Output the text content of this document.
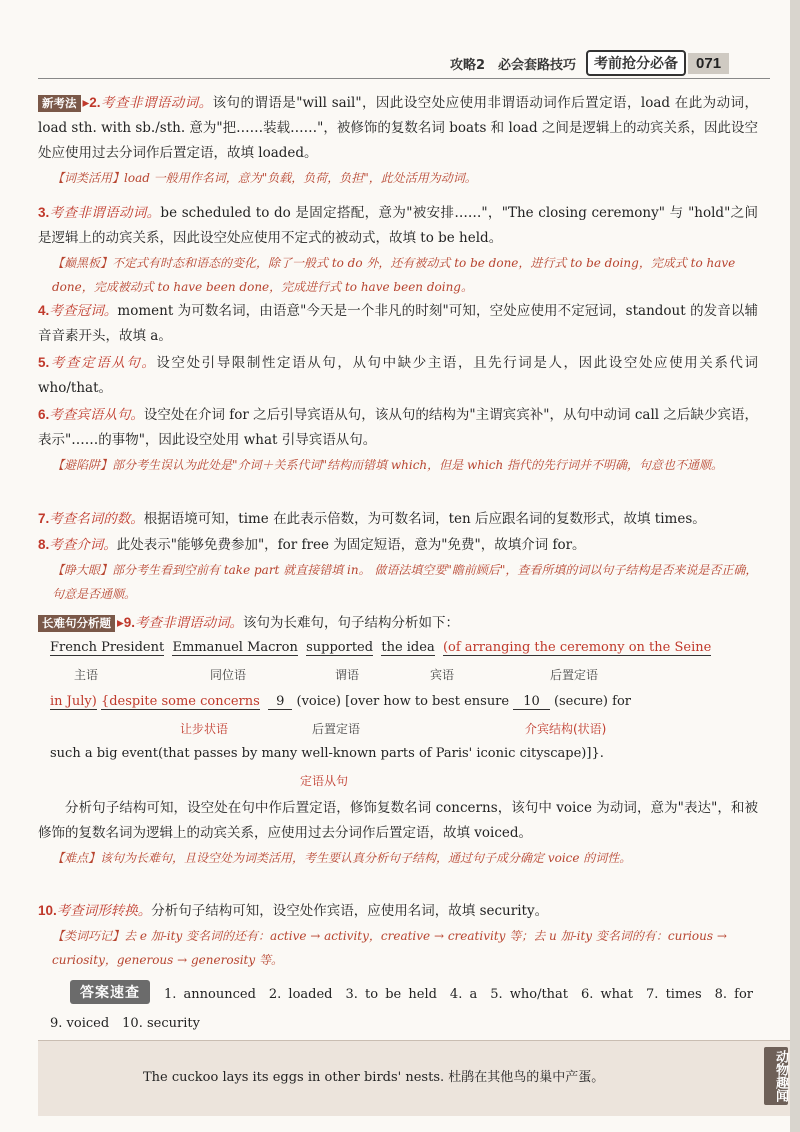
攻略2　必会套路技巧	考前抢分必备	071
新考法 ▸2.考查非谓语动词。该句的谓语是"will sail"，因此设空处应使用非谓语动词作后置定语，load 在此为动词，load sth. with sb./sth. 意为"把……装载……"，被修饰的复数名词 boats 和 load 之间是逻辑上的动宾关系，因此设空处应使用过去分词作后置定语，故填 loaded。
【词类活用】load 一般用作名词，意为"负载，负荷，负担"，此处活用为动词。
3.考查非谓语动词。be scheduled to do 是固定搭配，意为"被安排……"，"The closing ceremony" 与 "hold"之间是逻辑上的动宾关系，因此设空处应使用不定式的被动式，故填 to be held。
【巅黑板】不定式有时态和语态的变化，除了一般式 to do 外，还有被动式 to be done，进行式 to be doing，完成式 to have done，完成被动式 to have been done，完成进行式 to have been doing。
4.考查冠词。moment 为可数名词，由语意"今天是一个非凡的时刻"可知，空处应使用不定冠词，standout 的发音以辅音音素开头，故填 a。
5.考查定语从句。设空处引导限制性定语从句，从句中缺少主语，且先行词是人，因此设空处应使用关系代词 who/that。
6.考查宾语从句。设空处在介词 for 之后引导宾语从句，该从句的结构为"主谓宾宾补"，从句中动词 call 之后缺少宾语，表示"……的事物"，因此设空处用 what 引导宾语从句。
【避陷阱】部分考生误认为此处是"介词＋关系代词"结构而错填 which，但是 which 指代的先行词并不明确，句意也不通顺。
7.考查名词的数。根据语境可知，time 在此表示倍数，为可数名词，ten 后应跟名词的复数形式，故填 times。
8.考查介词。此处表示"能够免费参加"，for free 为固定短语，意为"免费"，故填介词 for。
【睁大眼】部分考生看到空前有 take part 就直接错填 in。 做语法填空要"瞻前顾后"，查看所填的词以句子结构是否来说是否正确，句意是否通顺。
长难句分析题 ▸9.考查非谓语动词。该句为长难句，句子结构分析如下：
French President Emmanuel Macron supported the idea (of arranging the ceremony on the Seine
主语	同位语	谓语	宾语	后置定语
in July) {despite some concerns 9 (voice) [over how to best ensure 10 (secure) for
让步状语	后置定语	介宾结构(状语)
such a big event(that passes by many well-known parts of Paris' iconic cityscape)]}.
定语从句
分析句子结构可知，设空处在句中作后置定语，修饰复数名词 concerns，该句中 voice 为动词，意为"表达"，和被修饰的复数名词为逻辑上的动宾关系，应使用过去分词作后置定语，故填 voiced。
【难点】该句为长难句，且设空处为词类活用，考生要认真分析句子结构，通过句子成分确定 voice 的词性。
10.考查词形转换。分析句子结构可知，设空处作宾语，应使用名词，故填 security。
【类词巧记】去 e 加-ity 变名词的还有：active → activity，creative → creativity 等；去 u 加-ity 变名词的有：curious → curiosity，generous → generosity 等。
答案速查	1. announced　2. loaded　3. to be held　4. a　5. who/that　6. what　7. times　8. for
9. voiced　10. security
The cuckoo lays its eggs in other birds' nests. 杜鹃在其他鸟的巢中产蛋。	动物趣闻
